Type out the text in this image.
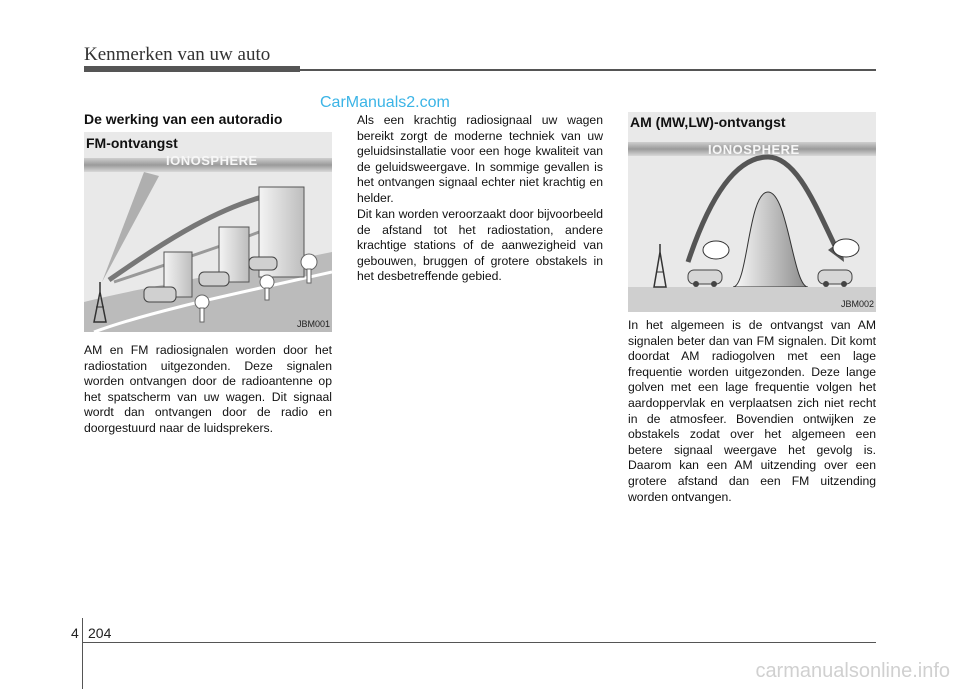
Kenmerken van uw auto
CarManuals2.com
De werking van een autoradio
FM-ontvangst
IONOSPHERE
JBM001

AM en FM radiosignalen worden door het radiostation uitgezonden. Deze signalen worden ontvangen door de radioantenne op het spatscherm van uw wagen. Dit signaal wordt dan ontvangen door de radio en doorgestuurd naar de luidsprekers.

Als een krachtig radiosignaal uw wagen bereikt zorgt de moderne techniek van uw geluidsinstallatie voor een hoge kwaliteit van de geluidsweergave. In sommige gevallen is het ontvangen signaal echter niet krachtig en helder.

Dit kan worden veroorzaakt door bijvoorbeeld de afstand tot het radiostation, andere krachtige stations of de aanwezigheid van gebouwen, bruggen of grotere obstakels in het desbetreffende gebied.

AM (MW,LW)-ontvangst
IONOSPHERE
JBM002

In het algemeen is de ontvangst van AM signalen beter dan van FM signalen. Dit komt doordat AM radiogolven met een lage frequentie worden uitgezonden. Deze lange golven met een lage frequentie volgen het aardoppervlak en verplaatsen zich niet recht in de atmosfeer. Bovendien ontwijken ze obstakels zodat over het algemeen een betere signaal weergave het gevolg is. Daarom kan een AM uitzending over een grotere afstand dan een FM uitzending worden ontvangen.

4 204
carmanualsonline.info
